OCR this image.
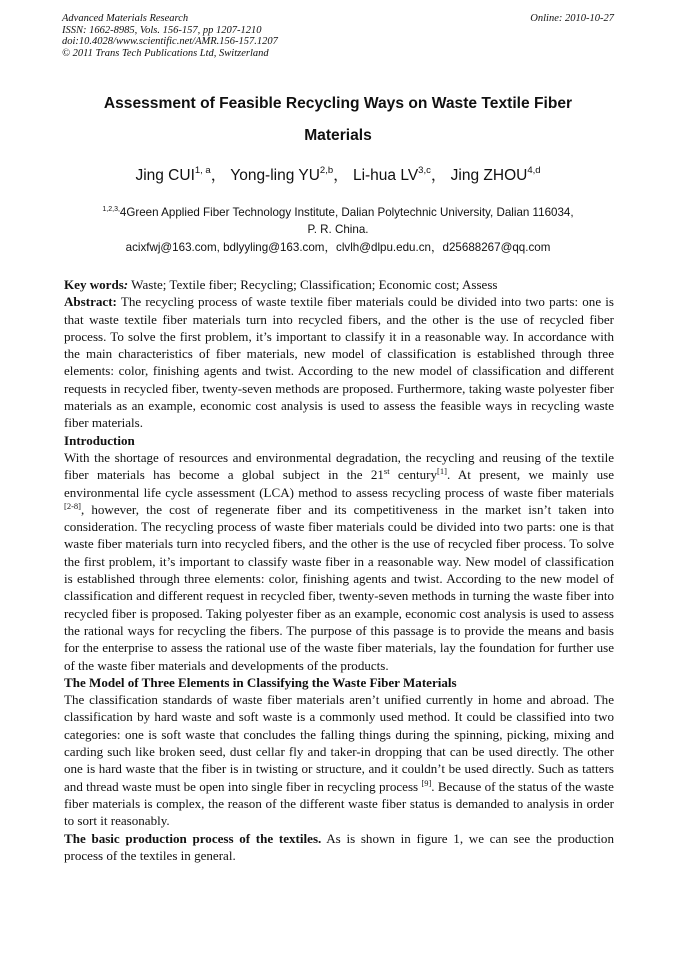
Advanced Materials Research
ISSN: 1662-8985, Vols. 156-157, pp 1207-1210
doi:10.4028/www.scientific.net/AMR.156-157.1207
© 2011 Trans Tech Publications Ltd, Switzerland
Online: 2010-10-27
Assessment of Feasible Recycling Ways on Waste Textile Fiber
Materials
Jing CUI$^{1, a}$， Yong-ling YU$^{2,b}$， Li-hua LV$^{3,c}$， Jing ZHOU$^{4,d}$
$^{1,2,3,}$4Green Applied Fiber Technology Institute, Dalian Polytechnic University, Dalian 116034,
P. R. China.
acixfwj@163.com, bdlyyling@163.com，clvlh@dlpu.edu.cn，d25688267@qq.com

Key words: Waste; Textile fiber; Recycling; Classification; Economic cost; Assess

Abstract: The recycling process of waste textile fiber materials could be divided into two parts: one is that waste textile fiber materials turn into recycled fibers, and the other is the use of recycled fiber process. To solve the first problem, it’s important to classify it in a reasonable way. In accordance with the main characteristics of fiber materials, new model of classification is established through three elements: color, finishing agents and twist. According to the new model of classification and different requests in recycled fiber, twenty-seven methods are proposed. Furthermore, taking waste polyester fiber materials as an example, economic cost analysis is used to assess the feasible ways in recycling waste fiber materials.

Introduction

With the shortage of resources and environmental degradation, the recycling and reusing of the textile fiber materials has become a global subject in the 21st century[1]. At present, we mainly use environmental life cycle assessment (LCA) method to assess recycling process of waste fiber materials [2-8], however, the cost of regenerate fiber and its competitiveness in the market isn’t taken into consideration. The recycling process of waste fiber materials could be divided into two parts: one is that waste fiber materials turn into recycled fibers, and the other is the use of recycled fiber process. To solve the first problem, it’s important to classify waste fiber in a reasonable way. New model of classification is established through three elements: color, finishing agents and twist. According to the new model of classification and different request in recycled fiber, twenty-seven methods in turning the waste fiber into recycled fiber is proposed. Taking polyester fiber as an example, economic cost analysis is used to assess the rational ways for recycling the fibers. The purpose of this passage is to provide the means and basis for the enterprise to assess the rational use of the waste fiber materials, lay the foundation for further use of the waste fiber materials and developments of the products.

The Model of Three Elements in Classifying the Waste Fiber Materials

The classification standards of waste fiber materials aren’t unified currently in home and abroad. The classification by hard waste and soft waste is a commonly used method. It could be classified into two categories: one is soft waste that concludes the falling things during the spinning, picking, mixing and carding such like broken seed, dust cellar fly and taker-in dropping that can be used directly. The other one is hard waste that the fiber is in twisting or structure, and it couldn’t be used directly. Such as tatters and thread waste must be open into single fiber in recycling process [9]. Because of the status of the waste fiber materials is complex, the reason of the different waste fiber status is demanded to analysis in order to sort it reasonably.

The basic production process of the textiles. As is shown in figure 1, we can see the production process of the textiles in general.
